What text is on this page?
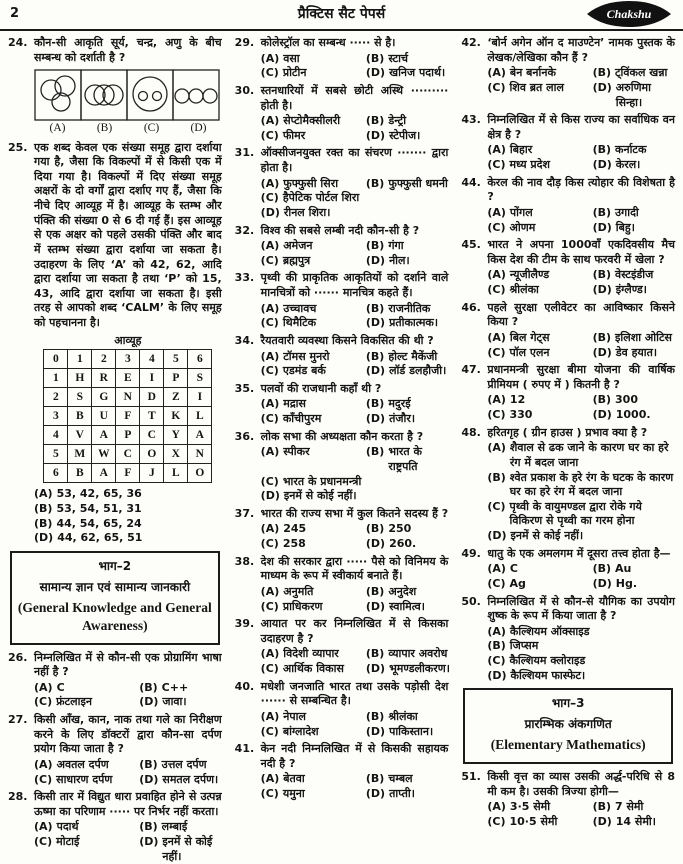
2	प्रैक्टिस सैट पेपर्स	Chakshu
24. कौन-सी आकृति सूर्य, चन्द्र, अणु के बीच सम्बन्ध को दर्शाती है ?
(A)	(B)	(C)	(D)
25. एक शब्द केवल एक संख्या समूह द्वारा दर्शाया गया है, जैसा कि विकल्पों में से किसी एक में दिया गया है। विकल्पों में दिए संख्या समूह अक्षरों के दो वर्गों द्वारा दर्शाए गए हैं, जैसा कि नीचे दिए आव्यूह में है। आव्यूह के स्तम्भ और पंक्ति की संख्या 0 से 6 दी गई हैं। इस आव्यूह से एक अक्षर को पहले उसकी पंक्ति और बाद में स्तम्भ संख्या द्वारा दर्शाया जा सकता है। उदाहरण के लिए ‘A’ को 42, 62, आदि द्वारा दर्शाया जा सकता है तथा ‘P’ को 15, 43, आदि द्वारा दर्शाया जा सकता है। इसी तरह से आपको शब्द ‘CALM’ के लिए समूह को पहचानना है।
आव्यूह
0	1	2	3	4	5	6
1	H	R	E	I	P	S
2	S	G	N	D	Z	I
3	B	U	F	T	K	L
4	V	A	P	C	Y	A
5	M	W	C	O	X	N
6	B	A	F	J	L	O
(A) 53, 42, 65, 36
(B) 53, 54, 51, 31
(B) 44, 54, 65, 24
(D) 44, 62, 65, 51
भाग–2
सामान्य ज्ञान एवं सामान्य जानकारी
(General Knowledge and General Awareness)
26. निम्नलिखित में से कौन-सी एक प्रोग्रामिंग भाषा नहीं है ?
(A) C	(B) C++
(C) फ्रंटलाइन	(D) जावा।
27. किसी आँख, कान, नाक तथा गले का निरीक्षण करने के लिए डॉक्टरों द्वारा कौन-सा दर्पण प्रयोग किया जाता है ?
(A) अवतल दर्पण	(B) उत्तल दर्पण
(C) साधारण दर्पण	(D) समतल दर्पण।
28. किसी तार में विद्युत धारा प्रवाहित होने से उत्पन्न ऊष्मा का परिणाम ····· पर निर्भर नहीं करता।
(A) पदार्थ	(B) लम्बाई
(C) मोटाई	(D) इनमें से कोई नहीं।
29. कोलेस्ट्रॉल का सम्बन्ध ····· से है।
(A) वसा	(B) स्टार्च
(C) प्रोटीन	(D) खनिज पदार्थ।
30. स्तनधारियों में सबसे छोटी अस्थि ········· होती है।
(A) सेप्टोमैक्सीलरी	(B) डेन्ट्री
(C) फीमर	(D) स्टेपीज।
31. ऑक्सीजनयुक्त रक्त का संचरण ······· द्वारा होता है।
(A) फुफ्फुसी सिरा	(B) फुफ्फुसी धमनी
(C) हैपेटिक पोर्टल शिरा
(D) रीनल शिरा।
32. विश्व की सबसे लम्बी नदी कौन-सी है ?
(A) अमेजन	(B) गंगा
(C) ब्रह्मपुत्र	(D) नील।
33. पृथ्वी की प्राकृतिक आकृतियों को दर्शाने वाले मानचित्रों को ······ मानचित्र कहते हैं।
(A) उच्चावच	(B) राजनीतिक
(C) थिमैटिक	(D) प्रतीकात्मक।
34. रैयतवारी व्यवस्था किसने विकसित की थी ?
(A) टॉमस मुनरो	(B) होल्ट मैकेंजी
(C) एडमंड बर्क	(D) लॉर्ड डलहौजी।
35. पलवों की राजधानी कहाँ थी ?
(A) मद्रास	(B) मदुरई
(C) काँचीपुरम	(D) तंजौर।
36. लोक सभा की अध्यक्षता कौन करता है ?
(A) स्पीकर	(B) भारत के राष्ट्रपति
(C) भारत के प्रधानमन्त्री
(D) इनमें से कोई नहीं।
37. भारत की राज्य सभा में कुल कितने सदस्य हैं ?
(A) 245	(B) 250
(C) 258	(D) 260.
38. देश की सरकार द्वारा ····· पैसे को विनिमय के माध्यम के रूप में स्वीकार्य बनाते हैं।
(A) अनुमति	(B) अनुदेश
(C) प्राधिकरण	(D) स्वामित्व।
39. आयात पर कर निम्नलिखित में से किसका उदाहरण है ?
(A) विदेशी व्यापार	(B) व्यापार अवरोध
(C) आर्थिक विकास	(D) भूमण्डलीकरण।
40. मधेशी जनजाति भारत तथा उसके पड़ोसी देश ······ से सम्बन्धित है।
(A) नेपाल	(B) श्रीलंका
(C) बांग्लादेश	(D) पाकिस्तान।
41. केन नदी निम्नलिखित में से किसकी सहायक नदी है ?
(A) बेतवा	(B) चम्बल
(C) यमुना	(D) ताप्ती।
42. ‘बोर्न अगेन ऑन द माउण्टेन’ नामक पुस्तक के लेखक/लेखिका कौन हैं ?
(A) बेन बर्नानके	(B) ट्विंकल खन्ना
(C) शिव ब्रत लाल	(D) अरुणिमा सिन्हा।
43. निम्नलिखित में से किस राज्य का सर्वाधिक वन क्षेत्र है ?
(A) बिहार	(B) कर्नाटक
(C) मध्य प्रदेश	(D) केरल।
44. केरल की नाव दौड़ किस त्योहार की विशेषता है ?
(A) पोंगल	(B) उगादी
(C) ओणम	(D) बिहु।
45. भारत ने अपना 1000वाँ एकदिवसीय मैच किस देश की टीम के साथ फरवरी में खेला ?
(A) न्यूजीलैण्ड	(B) वेस्टइंडीज
(C) श्रीलंका	(D) इंग्लैण्ड।
46. पहले सुरक्षा एलीवेटर का आविष्कार किसने किया ?
(A) बिल गेट्स	(B) इलिशा ओटिस
(C) पॉल एलन	(D) डेव हयात।
47. प्रधानमन्त्री सुरक्षा बीमा योजना की वार्षिक प्रीमियम ( रुपए में ) कितनी है ?
(A) 12	(B) 300
(C) 330	(D) 1000.
48. हरितगृह ( ग्रीन हाउस ) प्रभाव क्या है ?
(A) शैवाल से ढक जाने के कारण घर का हरे रंग में बदल जाना
(B) श्वेत प्रकाश के हरे रंग के घटक के कारण घर का हरे रंग में बदल जाना
(C) पृथ्वी के वायुमण्डल द्वारा रोके गये विकिरण से पृथ्वी का गरम होना
(D) इनमें से कोई नहीं।
49. धातु के एक अमलगम में दूसरा तत्त्व होता है—
(A) C	(B) Au
(C) Ag	(D) Hg.
50. निम्नलिखित में से कौन-से यौगिक का उपयोग शुष्क के रूप में किया जाता है ?
(A) कैल्शियम ऑक्साइड
(B) जिप्सम
(C) कैल्शियम क्लोराइड
(D) कैल्शियम फास्फेट।
भाग–3
प्रारम्भिक अंकगणित
(Elementary Mathematics)
51. किसी वृत्त का व्यास उसकी अर्द्ध-परिधि से 8 मी कम है। उसकी त्रिज्या होगी—
(A) 3·5 सेमी	(B) 7 सेमी
(C) 10·5 सेमी	(D) 14 सेमी।
